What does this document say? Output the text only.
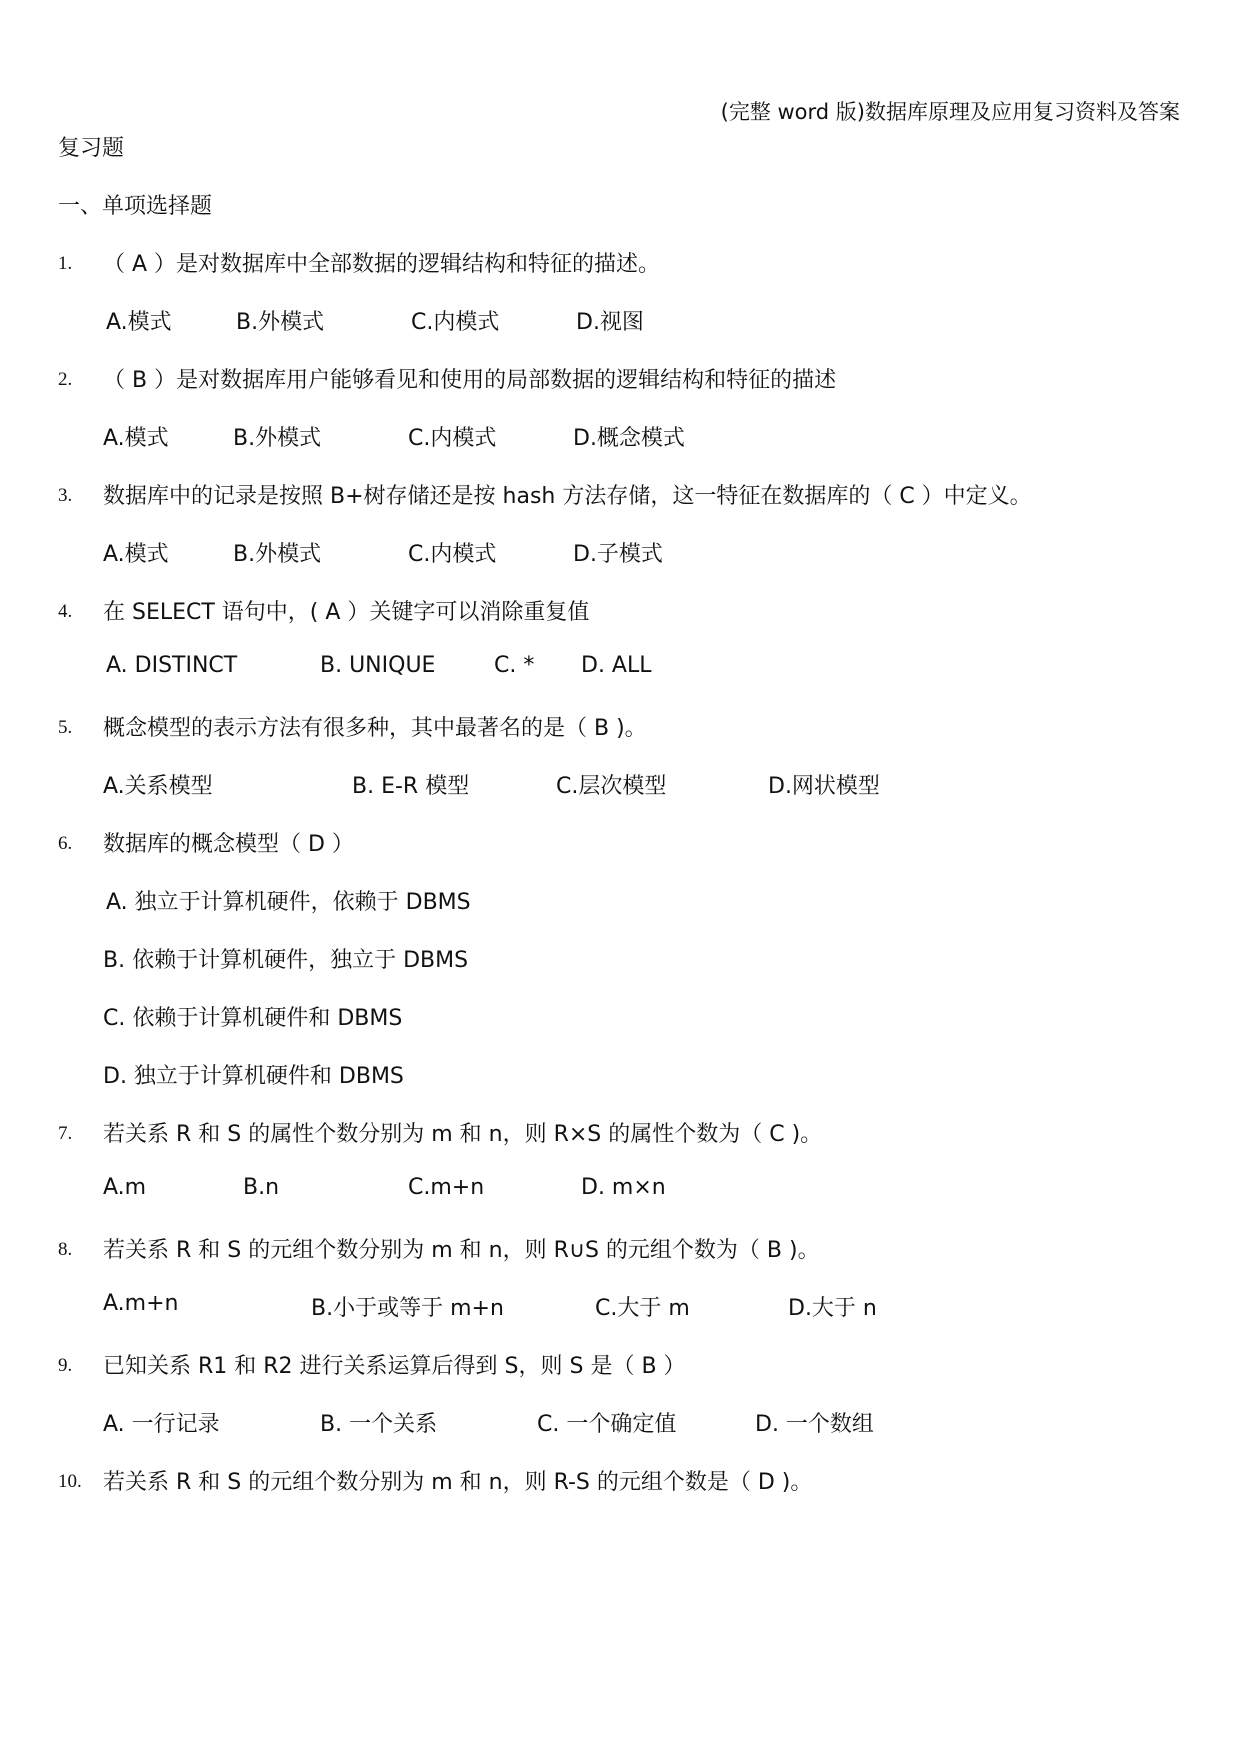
(完整 word 版)数据库原理及应用复习资料及答案
复习题
一、单项选择题
1. （ A ）是对数据库中全部数据的逻辑结构和特征的描述。
A.模式	B.外模式	C.内模式	D.视图
2. （ B ）是对数据库用户能够看见和使用的局部数据的逻辑结构和特征的描述
A.模式	B.外模式	C.内模式	D.概念模式
3. 数据库中的记录是按照 B+树存储还是按 hash 方法存储，这一特征在数据库的（ C ）中定义。
A.模式	B.外模式	C.内模式	D.子模式
4. 在 SELECT 语句中，( A ）关键字可以消除重复值
A. DISTINCT	B. UNIQUE	C. * D. ALL
5. 概念模型的表示方法有很多种，其中最著名的是（ B )。
A.关系模型	B. E-R 模型	C.层次模型	D.网状模型
6. 数据库的概念模型（ D ）
A. 独立于计算机硬件，依赖于 DBMS
B. 依赖于计算机硬件，独立于 DBMS
C. 依赖于计算机硬件和 DBMS
D. 独立于计算机硬件和 DBMS
7. 若关系 R 和 S 的属性个数分别为 m 和 n，则 R×S 的属性个数为（ C )。
A.m	B.n	C.m+n	D. m×n
8. 若关系 R 和 S 的元组个数分别为 m 和 n，则 R∪S 的元组个数为（ B )。
A.m+n	B.小于或等于 m+n	C.大于 m	D.大于 n
9. 已知关系 R1 和 R2 进行关系运算后得到 S，则 S 是（ B ）
A. 一行记录	B. 一个关系	C. 一个确定值	D. 一个数组
10. 若关系 R 和 S 的元组个数分别为 m 和 n，则 R-S 的元组个数是（ D )。
